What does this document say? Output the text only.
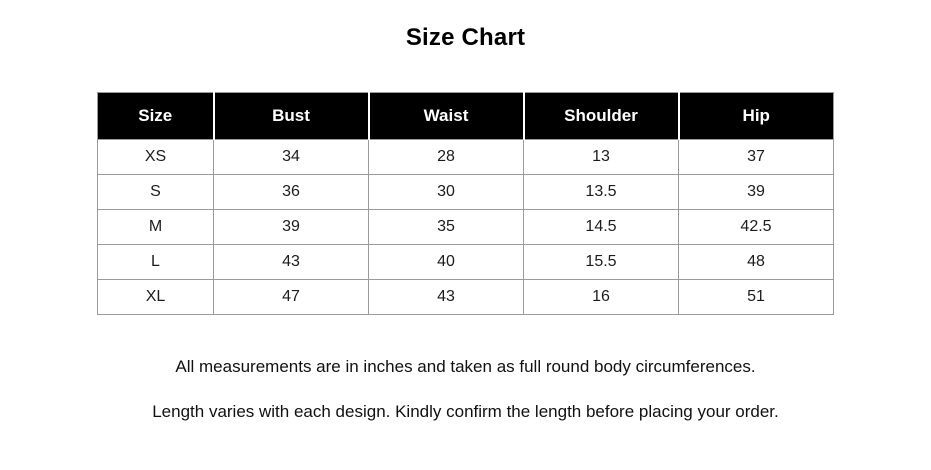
Size Chart
Size	Bust	Waist	Shoulder	Hip
XS	34	28	13	37
S	36	30	13.5	39
M	39	35	14.5	42.5
L	43	40	15.5	48
XL	47	43	16	51

All measurements are in inches and taken as full round body circumferences.

Length varies with each design. Kindly confirm the length before placing your order.
